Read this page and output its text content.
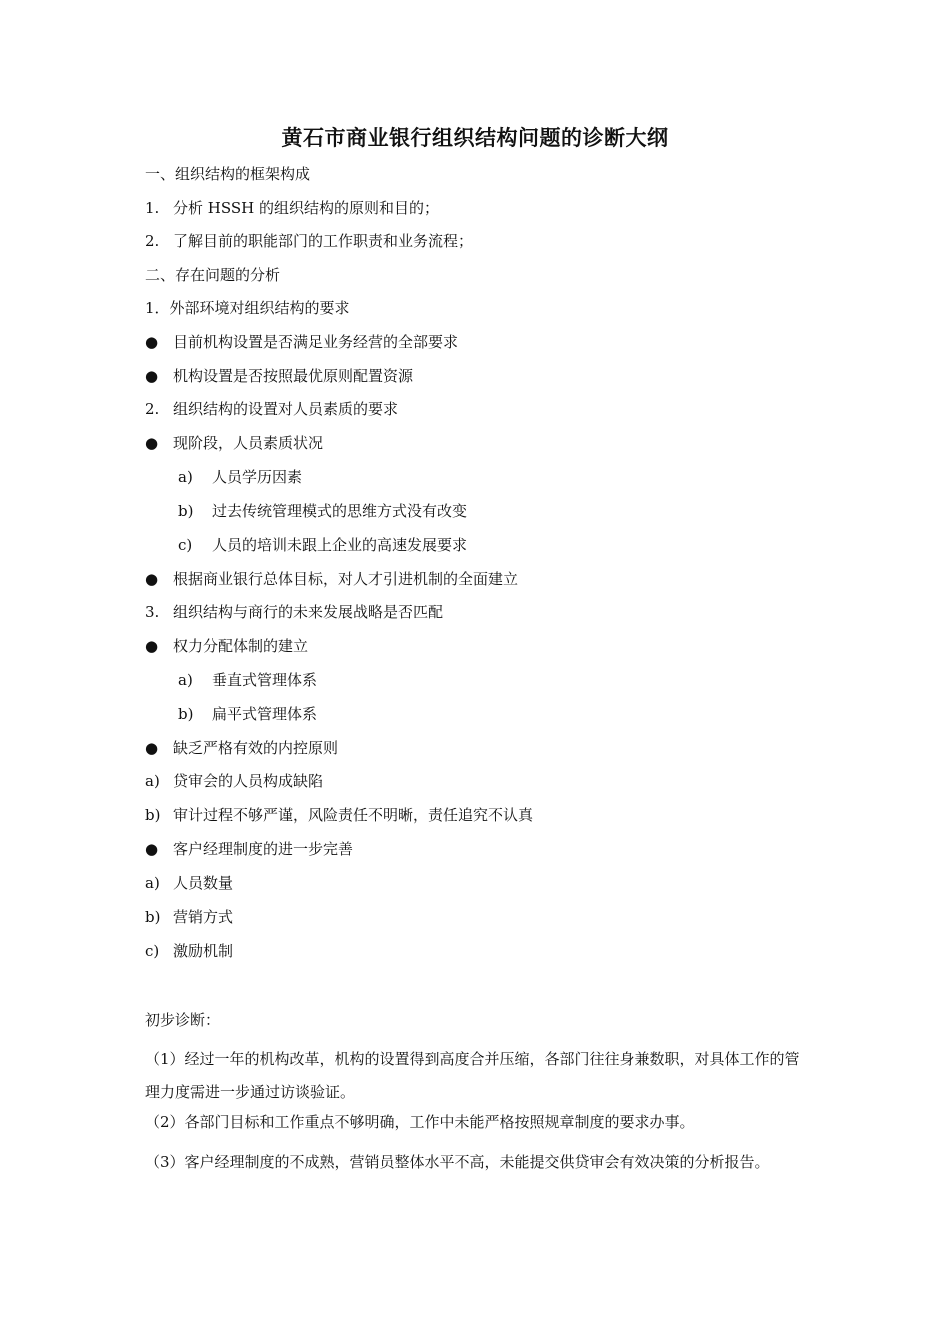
黄石市商业银行组织结构问题的诊断大纲
一、组织结构的框架构成
1. 分析 HSSH 的组织结构的原则和目的；
2. 了解目前的职能部门的工作职责和业务流程；
二、存在问题的分析
1．外部环境对组织结构的要求
● 目前机构设置是否满足业务经营的全部要求
● 机构设置是否按照最优原则配置资源
2. 组织结构的设置对人员素质的要求
● 现阶段，人员素质状况
a) 人员学历因素
b) 过去传统管理模式的思维方式没有改变
c) 人员的培训未跟上企业的高速发展要求
● 根据商业银行总体目标，对人才引进机制的全面建立
3. 组织结构与商行的未来发展战略是否匹配
● 权力分配体制的建立
a) 垂直式管理体系
b) 扁平式管理体系
● 缺乏严格有效的内控原则
a) 贷审会的人员构成缺陷
b) 审计过程不够严谨，风险责任不明晰，责任追究不认真
● 客户经理制度的进一步完善
a) 人员数量
b) 营销方式
c) 激励机制
初步诊断：
（1）经过一年的机构改革，机构的设置得到高度合并压缩，各部门往往身兼数职，对具体工作的管理力度需进一步通过访谈验证。
（2）各部门目标和工作重点不够明确，工作中未能严格按照规章制度的要求办事。
（3）客户经理制度的不成熟，营销员整体水平不高，未能提交供贷审会有效决策的分析报告。
